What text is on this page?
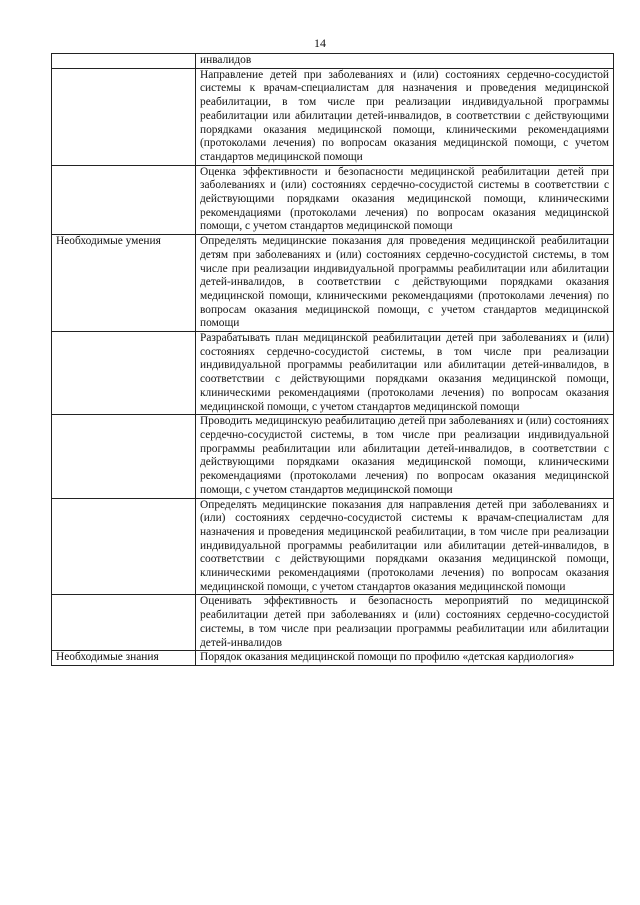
14
	инвалидов
	Направление детей при заболеваниях и (или) состояниях сердечно-сосудистой системы к врачам-специалистам для назначения и проведения медицинской реабилитации, в том числе при реализации индивидуальной программы реабилитации или абилитации детей-инвалидов, в соответствии с действующими порядками оказания медицинской помощи, клиническими рекомендациями (протоколами лечения) по вопросам оказания медицинской помощи, с учетом стандартов медицинской помощи
	Оценка эффективности и безопасности медицинской реабилитации детей при заболеваниях и (или) состояниях сердечно-сосудистой системы в соответствии с действующими порядками оказания медицинской помощи, клиническими рекомендациями (протоколами лечения) по вопросам оказания медицинской помощи, с учетом стандартов медицинской помощи
Необходимые умения	Определять медицинские показания для проведения медицинской реабилитации детям при заболеваниях и (или) состояниях сердечно-сосудистой системы, в том числе при реализации индивидуальной программы реабилитации или абилитации детей-инвалидов, в соответствии с действующими порядками оказания медицинской помощи, клиническими рекомендациями (протоколами лечения) по вопросам оказания медицинской помощи, с учетом стандартов медицинской помощи
	Разрабатывать план медицинской реабилитации детей при заболеваниях и (или) состояниях сердечно-сосудистой системы, в том числе при реализации индивидуальной программы реабилитации или абилитации детей-инвалидов, в соответствии с действующими порядками оказания медицинской помощи, клиническими рекомендациями (протоколами лечения) по вопросам оказания медицинской помощи, с учетом стандартов медицинской помощи
	Проводить медицинскую реабилитацию детей при заболеваниях и (или) состояниях сердечно-сосудистой системы, в том числе при реализации индивидуальной программы реабилитации или абилитации детей-инвалидов, в соответствии с действующими порядками оказания медицинской помощи, клиническими рекомендациями (протоколами лечения) по вопросам оказания медицинской помощи, с учетом стандартов медицинской помощи
	Определять медицинские показания для направления детей при заболеваниях и (или) состояниях сердечно-сосудистой системы к врачам-специалистам для назначения и проведения медицинской реабилитации, в том числе при реализации индивидуальной программы реабилитации или абилитации детей-инвалидов, в соответствии с действующими порядками оказания медицинской помощи, клиническими рекомендациями (протоколами лечения) по вопросам оказания медицинской помощи, с учетом стандартов оказания медицинской помощи
	Оценивать эффективность и безопасность мероприятий по медицинской реабилитации детей при заболеваниях и (или) состояниях сердечно-сосудистой системы, в том числе при реализации программы реабилитации или абилитации детей-инвалидов
Необходимые знания	Порядок оказания медицинской помощи по профилю «детская кардиология»
